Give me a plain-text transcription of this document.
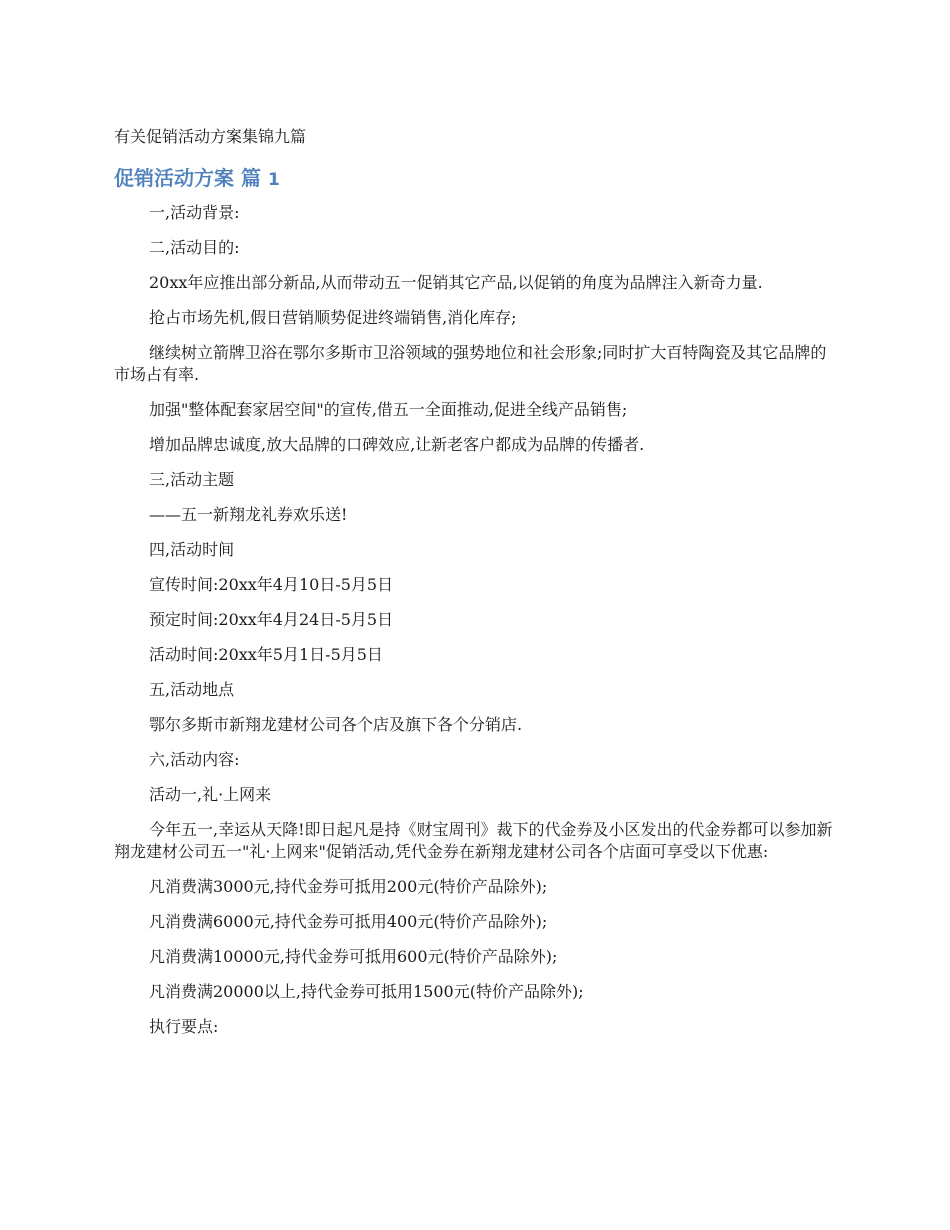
有关促销活动方案集锦九篇
促销活动方案 篇 1

一,活动背景:

二,活动目的:

20xx年应推出部分新品,从而带动五一促销其它产品,以促销的角度为品牌注入新奇力量.

抢占市场先机,假日营销顺势促进终端销售,消化库存;

继续树立箭牌卫浴在鄂尔多斯市卫浴领域的强势地位和社会形象;同时扩大百特陶瓷及其它品牌的市场占有率.

加强"整体配套家居空间"的宣传,借五一全面推动,促进全线产品销售;

增加品牌忠诚度,放大品牌的口碑效应,让新老客户都成为品牌的传播者.

三,活动主题

——五一新翔龙礼券欢乐送!

四,活动时间

宣传时间:20xx年4月10日-5月5日

预定时间:20xx年4月24日-5月5日

活动时间:20xx年5月1日-5月5日

五,活动地点

鄂尔多斯市新翔龙建材公司各个店及旗下各个分销店.

六,活动内容:

活动一,礼·上网来

今年五一,幸运从天降!即日起凡是持《财宝周刊》裁下的代金券及小区发出的代金券都可以参加新翔龙建材公司五一"礼·上网来"促销活动,凭代金券在新翔龙建材公司各个店面可享受以下优惠:

凡消费满3000元,持代金券可抵用200元(特价产品除外);

凡消费满6000元,持代金券可抵用400元(特价产品除外);

凡消费满10000元,持代金券可抵用600元(特价产品除外);

凡消费满20000以上,持代金券可抵用1500元(特价产品除外);

执行要点:
